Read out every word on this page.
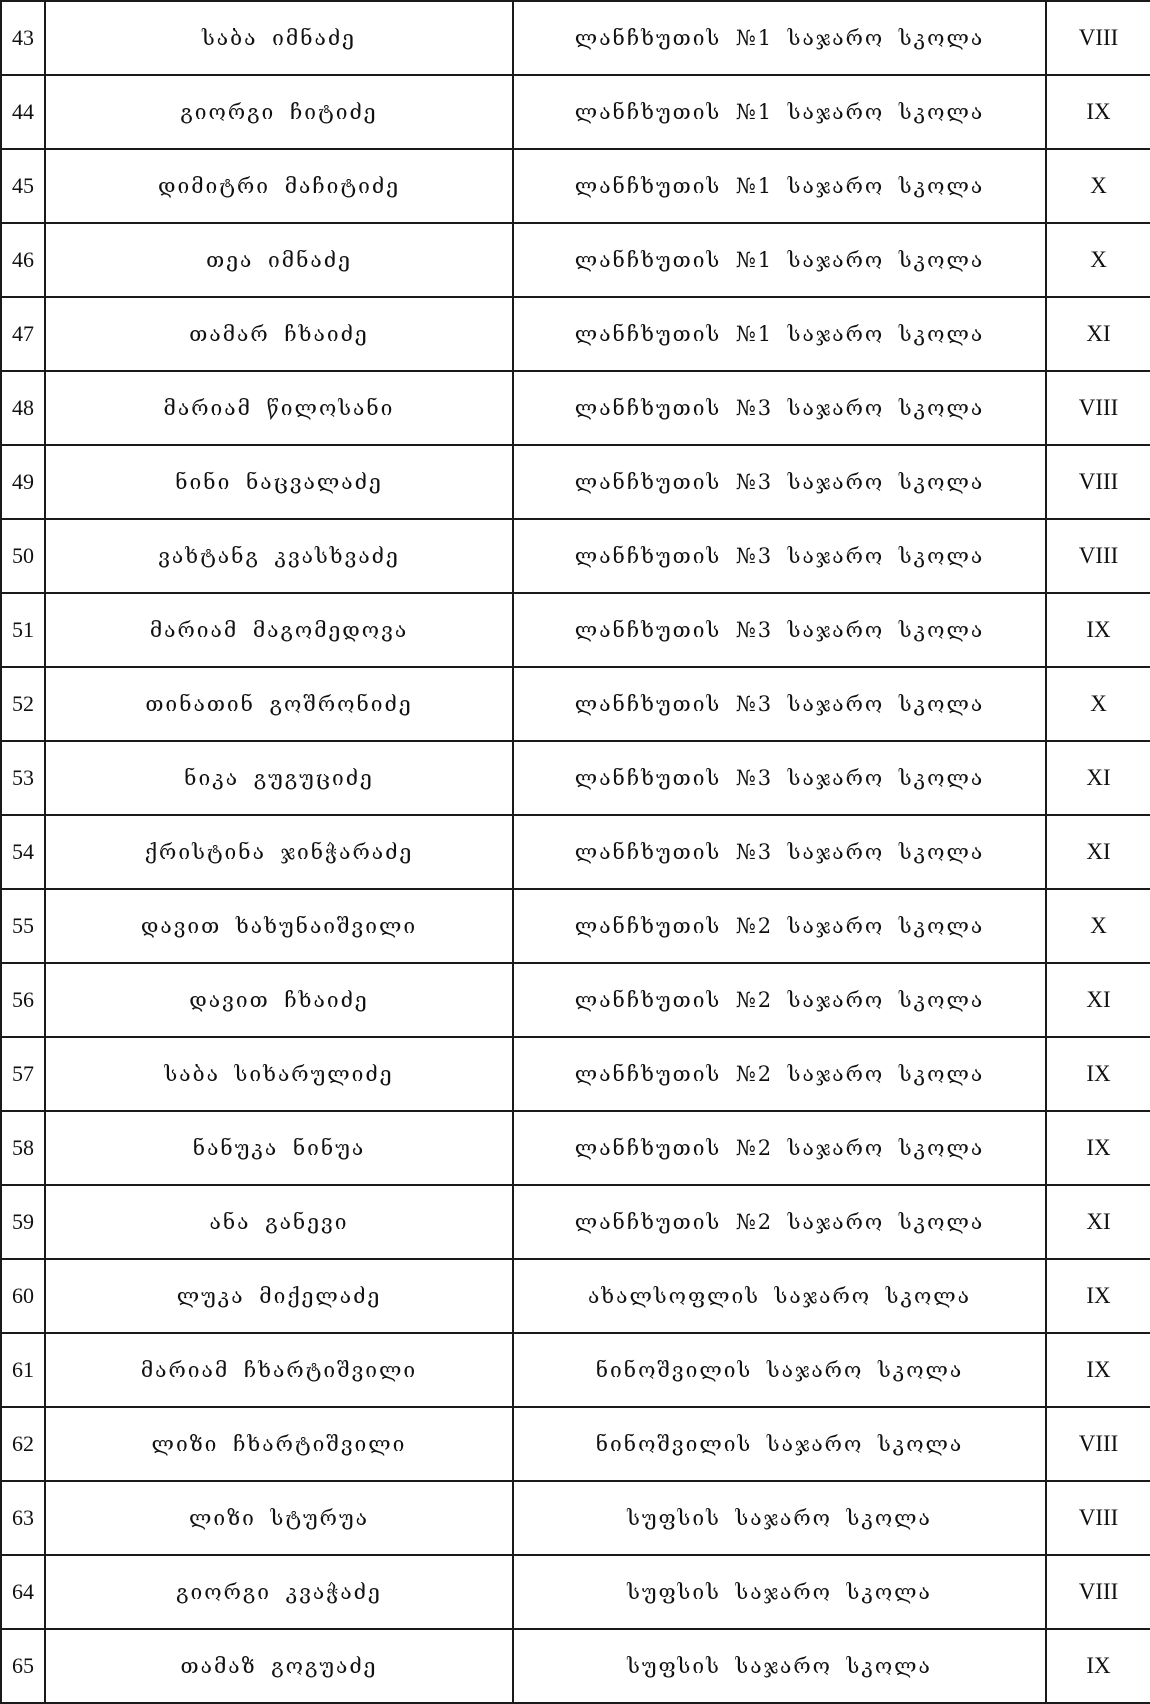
43	საბა იმნაძე	ლანჩხუთის №1 საჯარო სკოლა	VIII
44	გიორგი ჩიტიძე	ლანჩხუთის №1 საჯარო სკოლა	IX
45	დიმიტრი მაჩიტიძე	ლანჩხუთის №1 საჯარო სკოლა	X
46	თეა იმნაძე	ლანჩხუთის №1 საჯარო სკოლა	X
47	თამარ ჩხაიძე	ლანჩხუთის №1 საჯარო სკოლა	XI
48	მარიამ წილოსანი	ლანჩხუთის №3 საჯარო სკოლა	VIII
49	ნინი ნაცვალაძე	ლანჩხუთის №3 საჯარო სკოლა	VIII
50	ვახტანგ კვასხვაძე	ლანჩხუთის №3 საჯარო სკოლა	VIII
51	მარიამ მაგომედოვა	ლანჩხუთის №3 საჯარო სკოლა	IX
52	თინათინ გოშრონიძე	ლანჩხუთის №3 საჯარო სკოლა	X
53	ნიკა გუგუციძე	ლანჩხუთის №3 საჯარო სკოლა	XI
54	ქრისტინა ჯინჭარაძე	ლანჩხუთის №3 საჯარო სკოლა	XI
55	დავით ხახუნაიშვილი	ლანჩხუთის №2 საჯარო სკოლა	X
56	დავით ჩხაიძე	ლანჩხუთის №2 საჯარო სკოლა	XI
57	საბა სიხარულიძე	ლანჩხუთის №2 საჯარო სკოლა	IX
58	ნანუკა ნინუა	ლანჩხუთის №2 საჯარო სკოლა	IX
59	ანა განევი	ლანჩხუთის №2 საჯარო სკოლა	XI
60	ლუკა მიქელაძე	ახალსოფლის საჯარო სკოლა	IX
61	მარიამ ჩხარტიშვილი	ნინოშვილის საჯარო სკოლა	IX
62	ლიზი ჩხარტიშვილი	ნინოშვილის საჯარო სკოლა	VIII
63	ლიზი სტურუა	სუფსის საჯარო სკოლა	VIII
64	გიორგი კვაჭაძე	სუფსის საჯარო სკოლა	VIII
65	თამაზ გოგუაძე	სუფსის საჯარო სკოლა	IX
